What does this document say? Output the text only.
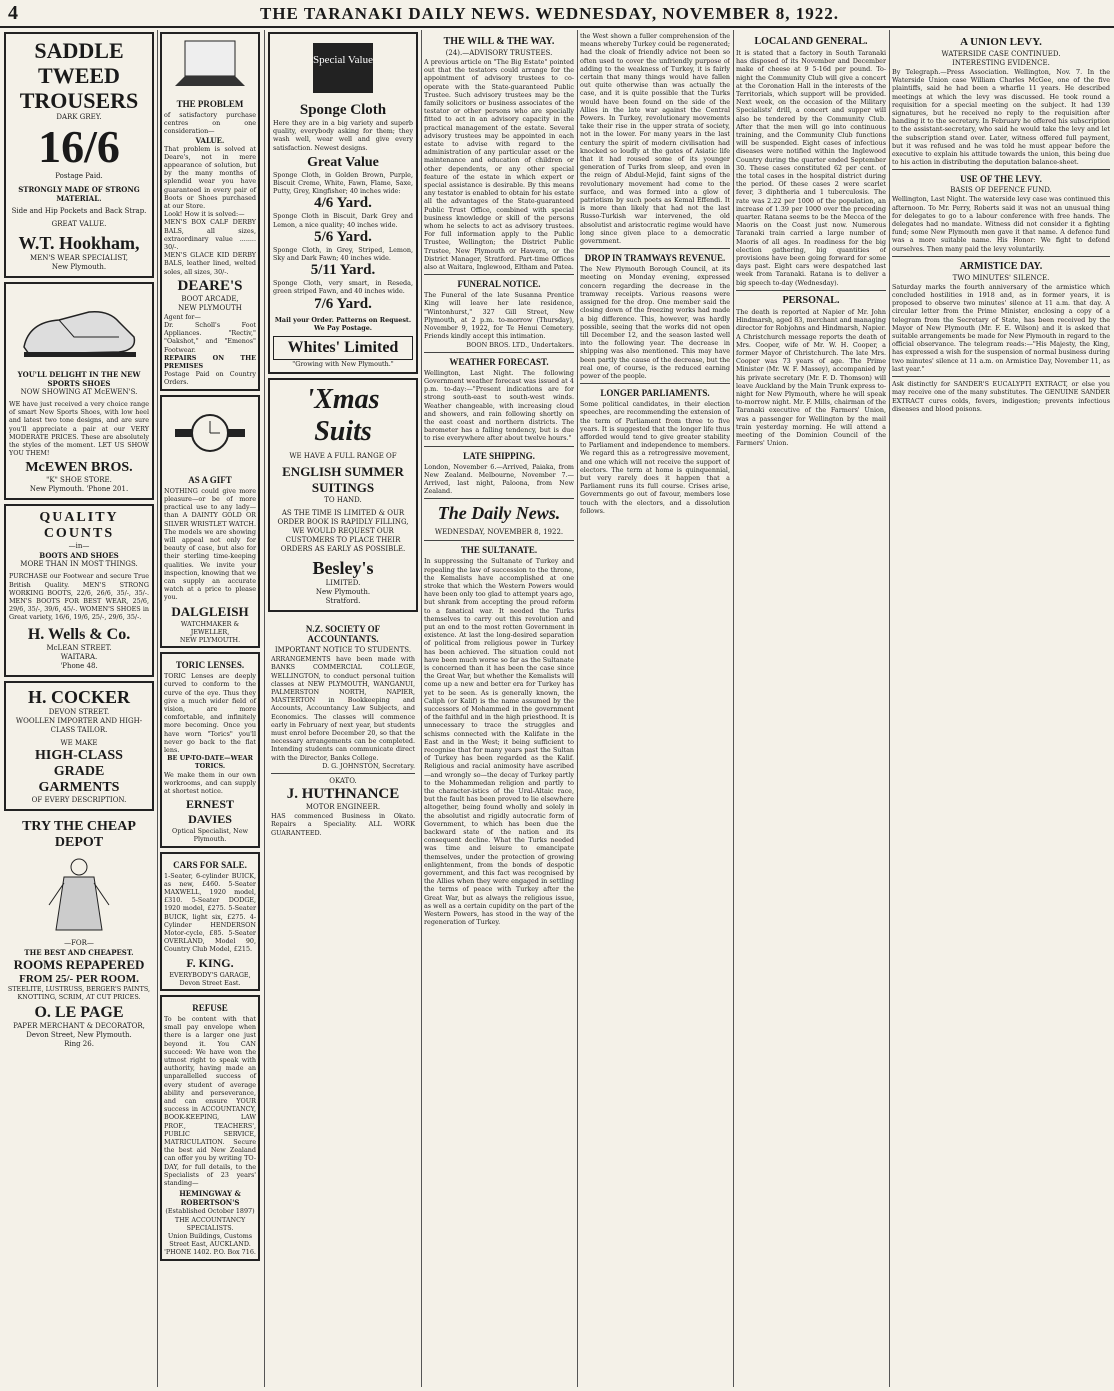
4	THE TARANAKI DAILY NEWS. WEDNESDAY, NOVEMBER 8, 1922.
SADDLE TWEED TROUSERS
DARK GREY.
16/6
Postage Paid.
STRONGLY MADE OF STRONG MATERIAL.
Side and Hip Pockets and Back Strap.
GREAT VALUE.
W.T. Hookham,
MEN'S WEAR SPECIALIST,
New Plymouth.
YOU'LL DELIGHT IN THE NEW SPORTS SHOES
NOW SHOWING AT McEWEN'S.
WE have just received a very choice range of smart New Sports Shoes, with low heel and latest two tone designs, and are sure you'll appreciate a pair at our VERY MODERATE PRICES. These are absolutely the styles of the moment. LET US SHOW YOU THEM!
McEWEN BROS.
"K" SHOE STORE.
New Plymouth. 'Phone 201.
QUALITY COUNTS
—in—
BOOTS AND SHOES
MORE THAN IN MOST THINGS.
PURCHASE our Footwear and secure True British Quality. MEN'S STRONG WORKING BOOTS, 22/6, 26/6, 35/-, 35/-. MEN'S BOOTS FOR BEST WEAR, 25/6, 29/6, 35/-, 39/6, 45/-. WOMEN'S SHOES in Great variety, 16/6, 19/6, 25/-, 29/6, 35/-.
H. Wells & Co.
McLEAN STREET.
WAITARA.
'Phone 48.
H. COCKER
DEVON STREET.
WOOLLEN IMPORTER AND HIGH-CLASS TAILOR.
WE MAKE
HIGH-CLASS
GRADE
GARMENTS
OF EVERY DESCRIPTION.
TRY THE CHEAP DEPOT
—FOR—
THE BEST AND CHEAPEST.
ROOMS REPAPERED
FROM 25/- PER ROOM.
STEELITE, LUSTRUSS, BERGER'S PAINTS, KNOTTING, SCRIM, AT CUT PRICES.
O. LE PAGE
PAPER MERCHANT & DECORATOR,
Devon Street, New Plymouth.
Ring 26.
THE PROBLEM
of satisfactory purchase centres on one consideration—
VALUE.
That problem is solved at Deare's, not in mere appearance of solution, but by the many months of splendid wear you have guaranteed in every pair of Boots or Shoes purchased at our Store.
Look! How it is solved:—
MEN'S BOX CALF DERBY BALS, all sizes, extraordinary value ........ 30/-.
MEN'S GLACE KID DERBY BALS, leather lined, welted soles, all sizes, 30/-.
DEARE'S
BOOT ARCADE,
NEW PLYMOUTH
Agent for—
Dr. Scholl's Foot Appliances. "Rectiv," "Oakshot," and "Emenos" Footwear.
REPAIRS ON THE PREMISES
Postage Paid on Country Orders.
AS A GIFT
NOTHING could give more pleasure—or be of more practical use to any lady—than A DAINTY GOLD OR SILVER WRISTLET WATCH. The models we are showing will appeal not only for beauty of case, but also for their sterling time-keeping qualities. We invite your inspection, knowing that we can supply an accurate watch at a price to please you.
DALGLEISH
WATCHMAKER & JEWELLER,
NEW PLYMOUTH.
TORIC LENSES.
TORIC Lenses are deeply curved to conform to the curve of the eye. Thus they give a much wider field of vision, are more comfortable, and infinitely more becoming. Once you have worn "Torics" you'll never go back to the flat lens.
BE UP-TO-DATE—WEAR TORICS.
We make them in our own workrooms, and can supply at shortest notice.
ERNEST DAVIES
Optical Specialist, New Plymouth.
CARS FOR SALE.
1-Seater, 6-cylinder BUICK, as new, £460. 5-Seater MAXWELL, 1920 model, £310. 5-Seater DODGE, 1920 model, £275. 5-Seater BUICK, light six, £275. 4-Cylinder HENDERSON Motor-cycle, £85. 5-Seater OVERLAND, Model 90, Country Club Model, £215.
F. KING.
EVERYBODY'S GARAGE, Devon Street East.
REFUSE
To be content with that small pay envelope when there is a larger one just beyond it. You CAN succeed: We have won the utmost right to speak with authority, having made an unparallelled success of every student of average ability and perseverance, and can ensure YOUR success in ACCOUNTANCY, BOOK-KEEPING, LAW PROF., TEACHERS', PUBLIC SERVICE, MATRICULATION. Secure the best aid New Zealand can offer you by writing TO-DAY, for full details, to the Specialists of 23 years' standing—
HEMINGWAY & ROBERTSON'S
(Established October 1897)
THE ACCOUNTANCY SPECIALISTS.
Union Buildings, Customs Street East, AUCKLAND.
'PHONE 1402. P.O. Box 716.
Special Value
Sponge Cloth
Here they are in a big variety and superb quality, everybody asking for them; they wash well, wear well and give every satisfaction. Newest designs.
Great Value
Sponge Cloth, in Golden Brown, Purple, Biscuit Creme, White, Fawn, Flame, Saxe, Putty, Grey, Kingfisher; 40 inches wide:
4/6 Yard.
Sponge Cloth in Biscuit, Dark Grey and Lemon, a nice quality; 40 inches wide.
5/6 Yard.
Sponge Cloth, in Grey, Striped, Lemon, Sky and Dark Fawn; 40 inches wide.
5/11 Yard.
Sponge Cloth, very smart, in Reseda, green striped Fawn, and 40 inches wide.
7/6 Yard.
Mail your Order. Patterns on Request. We Pay Postage.
Whites' Limited
"Growing with New Plymouth."
'Xmas
Suits
WE HAVE A FULL RANGE OF
ENGLISH SUMMER SUITINGS
TO HAND.
AS THE TIME IS LIMITED & OUR ORDER BOOK IS RAPIDLY FILLING, WE WOULD REQUEST OUR CUSTOMERS TO PLACE THEIR ORDERS AS EARLY AS POSSIBLE.
Besley's
LIMITED.
New Plymouth.
Stratford.
N.Z. SOCIETY OF ACCOUNTANTS.
IMPORTANT NOTICE TO STUDENTS.
ARRANGEMENTS have been made with BANKS COMMERCIAL COLLEGE, WELLINGTON, to conduct personal tuition classes at NEW PLYMOUTH, WANGANUI, PALMERSTON NORTH, NAPIER, MASTERTON in Bookkeeping and Accounts, Accountancy Law Subjects, and Economics. The classes will commence early in February of next year, but students must enrol before December 20, so that the necessary arrangements can be completed. Intending students can communicate direct with the Director, Banks College.
D. G. JOHNSTON, Secretary.
OKATO.
J. HUTHNANCE
MOTOR ENGINEER.
HAS commenced Business in Okato. Repairs a Speciality. ALL WORK GUARANTEED.
THE WILL & THE WAY.
(24).—ADVISORY TRUSTEES.
A previous article on "The Big Estate" pointed out that the testators could arrange for the appointment of advisory trustees to co-operate with the State-guaranteed Public Trustee. Such advisory trustees may be the family solicitors or business associates of the testator or other persons who are specially fitted to act in an advisory capacity in the practical management of the estate. Several advisory trustees may be appointed in each estate to advise with regard to the administration of any particular asset or the maintenance and education of children or other dependents, or any other special feature of the estate in which expert or special assistance is desirable. By this means any testator is enabled to obtain for his estate all the advantages of the State-guaranteed Public Trust Office, combined with special business knowledge or skill of the persons whom he selects to act as advisory trustees. For full information apply to the Public Trustee, Wellington; the District Public Trustee, New Plymouth or Hawera, or the District Manager, Stratford. Part-time Offices also at Waitara, Inglewood, Eltham and Patea.
FUNERAL NOTICE.
The Funeral of the late Susanna Prentice King will leave her late residence, "Wintonhurst," 327 Gill Street, New Plymouth, at 2 p.m. to-morrow (Thursday), November 9, 1922, for Te Henui Cemetery. Friends kindly accept this intimation.
BOON BROS. LTD., Undertakers.
WEATHER FORECAST.
Wellington, Last Night. The following Government weather forecast was issued at 4 p.m. to-day:—"Present indications are for strong south-east to south-west winds. Weather changeable, with increasing cloud and showers, and rain following shortly on the east coast and northern districts. The barometer has a falling tendency, but is due to rise everywhere after about twelve hours."
LATE SHIPPING.
London, November 6.—Arrived, Paiaka, from New Zealand. Melbourne, November 7.—Arrived, last night, Paloona, from New Zealand.
The Daily News.
WEDNESDAY, NOVEMBER 8, 1922.
THE SULTANATE.
In suppressing the Sultanate of Turkey and repealing the law of succession to the throne, the Kemalists have accomplished at one stroke that which the Western Powers would have been only too glad to attempt years ago, but shrank from accepting the proud reform to a fanatical war. It needed the Turks themselves to carry out this revolution and put an end to the most rotten Government in existence. At last the long-desired separation of political from religious power in Turkey has been achieved. The situation could not have been much worse so far as the Sultanate is concerned than it has been the case since the Great War, but whether the Kemalists will come up a new and better era for Turkey has yet to be seen. As is generally known, the Caliph (or Kalif) is the name assumed by the successors of Mohammed in the government of the faithful and in the high priesthood. It is unnecessary to trace the struggles and schisms connected with the Kalifate in the East and in the West; it being sufficient to recognise that for many years past the Sultan of Turkey has been regarded as the Kalif. Religious and racial animosity have ascribed—and wrongly so—the decay of Turkey partly to the Mohammedan religion and partly to the character-istics of the Ural-Altaic race, but the fault has been proved to lie elsewhere altogether, being found wholly and solely in the absolutist and rigidly autocratic form of Government, to which has been due the backward state of the nation and its consequent decline. What the Turks needed was time and leisure to emancipate themselves, under the protection of growing enlightenment, from the bonds of despotic government, and this fact was recognised by the Allies when they were engaged in settling the terms of peace with Turkey after the Great War, but as always the religious issue, as well as a certain cupidity on the part of the Western Powers, has stood in the way of the regeneration of Turkey.
the West shown a fuller comprehension of the means whereby Turkey could be regenerated; had the cloak of friendly advice not been so often used to cover the unfriendly purpose of adding to the weakness of Turkey, it is fairly certain that many things would have fallen out quite otherwise than was actually the case, and it is quite possible that the Turks would have been found on the side of the Allies in the late war against the Central Powers. In Turkey, revolutionary movements take their rise in the upper strata of society, not in the lower. For many years in the last century the spirit of modern civilisation had knocked so loudly at the gates of Asiatic life that it had roused some of its younger generation of Turks from sleep, and even in the reign of Abdul-Mejid, faint signs of the revolutionary movement had come to the surface, and was formed into a glow of patriotism by such poets as Kemal Effendi. It is more than likely that had not the last Russo-Turkish war intervened, the old absolutist and aristocratic regime would have long since given place to a democratic government.
DROP IN TRAMWAYS REVENUE.
The New Plymouth Borough Council, at its meeting on Monday evening, expressed concern regarding the decrease in the tramway receipts. Various reasons were assigned for the drop. One member said the closing down of the freezing works had made a big difference. This, however, was hardly possible, seeing that the works did not open till December 12, and the season lasted well into the following year. The decrease in shipping was also mentioned. This may have been partly the cause of the decrease, but the real one, of course, is the reduced earning power of the people.
LONGER PARLIAMENTS.
Some political candidates, in their election speeches, are recommending the extension of the term of Parliament from three to five years. It is suggested that the longer life thus afforded would tend to give greater stability to Parliament and independence to members. We regard this as a retrogressive movement, and one which will not receive the support of electors. The term at home is quinquennial, but very rarely does it happen that a Parliament runs its full course. Crises arise, Governments go out of favour, members lose touch with the electors, and a dissolution follows.
LOCAL AND GENERAL.
It is stated that a factory in South Taranaki has disposed of its November and December make of cheese at 9 5-16d per pound. To-night the Community Club will give a concert at the Coronation Hall in the interests of the Territorials, which support will be provided. Next week, on the occasion of the Military Specialists' drill, a concert and supper will also be tendered by the Community Club. After that the men will go into continuous training, and the Community Club functions will be suspended. Eight cases of infectious diseases were notified within the Inglewood Country during the quarter ended September 30. These cases constituted 62 per cent. of the total cases in the hospital district during the period. Of these cases 2 were scarlet fever, 3 diphtheria and 1 tuberculosis. The rate was 2.22 per 1000 of the population, an increase of 1.39 per 1000 over the preceding quarter. Ratana seems to be the Mecca of the Maoris on the Coast just now. Numerous Taranaki train carried a large number of Maoris of all ages. In readiness for the big election gathering, big quantities of provisions have been going forward for some days past. Eight cars were despatched last week from Taranaki. Ratana is to deliver a big speech to-day (Wednesday).
PERSONAL.
The death is reported at Napier of Mr. John Hindmarsh, aged 83, merchant and managing director for Robjohns and Hindmarsh, Napier. A Christchurch message reports the death of Mrs. Cooper, wife of Mr. W. H. Cooper, a former Mayor of Christchurch. The late Mrs. Cooper was 73 years of age. The Prime Minister (Mr. W. F. Massey), accompanied by his private secretary (Mr. F. D. Thomson) will leave Auckland by the Main Trunk express to-night for New Plymouth, where he will speak to-morrow night. Mr. F. Mills, chairman of the Taranaki executive of the Farmers' Union, was a passenger for Wellington by the mail train yesterday morning. He will attend a meeting of the Dominion Council of the Farmers' Union.
A UNION LEVY.
WATERSIDE CASE CONTINUED.
INTERESTING EVIDENCE.
By Telegraph.—Press Association. Wellington, Nov. 7. In the Waterside Union case William Charles McGee, one of the five plaintiffs, said he had been a wharfie 11 years. He described meetings at which the levy was discussed. He took round a requisition for a special meeting on the subject. It had 139 signatures, but he received no reply to the requisition after handing it to the secretary. In February he offered his subscription to the assistant-secretary, who said he would take the levy and let the subscription stand over. Later, witness offered full payment, but it was refused and he was told he must appear before the executive to explain his attitude towards the union, this being due to his action in distributing the deputation balance-sheet.
USE OF THE LEVY.
BASIS OF DEFENCE FUND.
Wellington, Last Night. The waterside levy case was continued this afternoon. To Mr. Perry, Roberts said it was not an unusual thing for delegates to go to a labour conference with free hands. The delegates had no mandate. Witness did not consider it a fighting fund; some New Plymouth men gave it that name. A defence fund was a more suitable name. His Honor: We fight to defend ourselves. Then many paid the levy voluntarily.
ARMISTICE DAY.
TWO MINUTES' SILENCE.
Saturday marks the fourth anniversary of the armistice which concluded hostilities in 1918 and, as in former years, it is proposed to observe two minutes' silence at 11 a.m. that day. A circular letter from the Prime Minister, enclosing a copy of a telegram from the Secretary of State, has been received by the Mayor of New Plymouth (Mr. F. E. Wilson) and it is asked that suitable arrangements be made for New Plymouth in regard to the official observance. The telegram reads:—"His Majesty, the King, has expressed a wish for the suspension of normal business during two minutes' silence at 11 a.m. on Armistice Day, November 11, as last year."
Ask distinctly for SANDER'S EUCALYPTI EXTRACT, or else you may receive one of the many substitutes. The GENUINE SANDER EXTRACT cures colds, fevers, indigestion; prevents infectious diseases and blood poisons.
